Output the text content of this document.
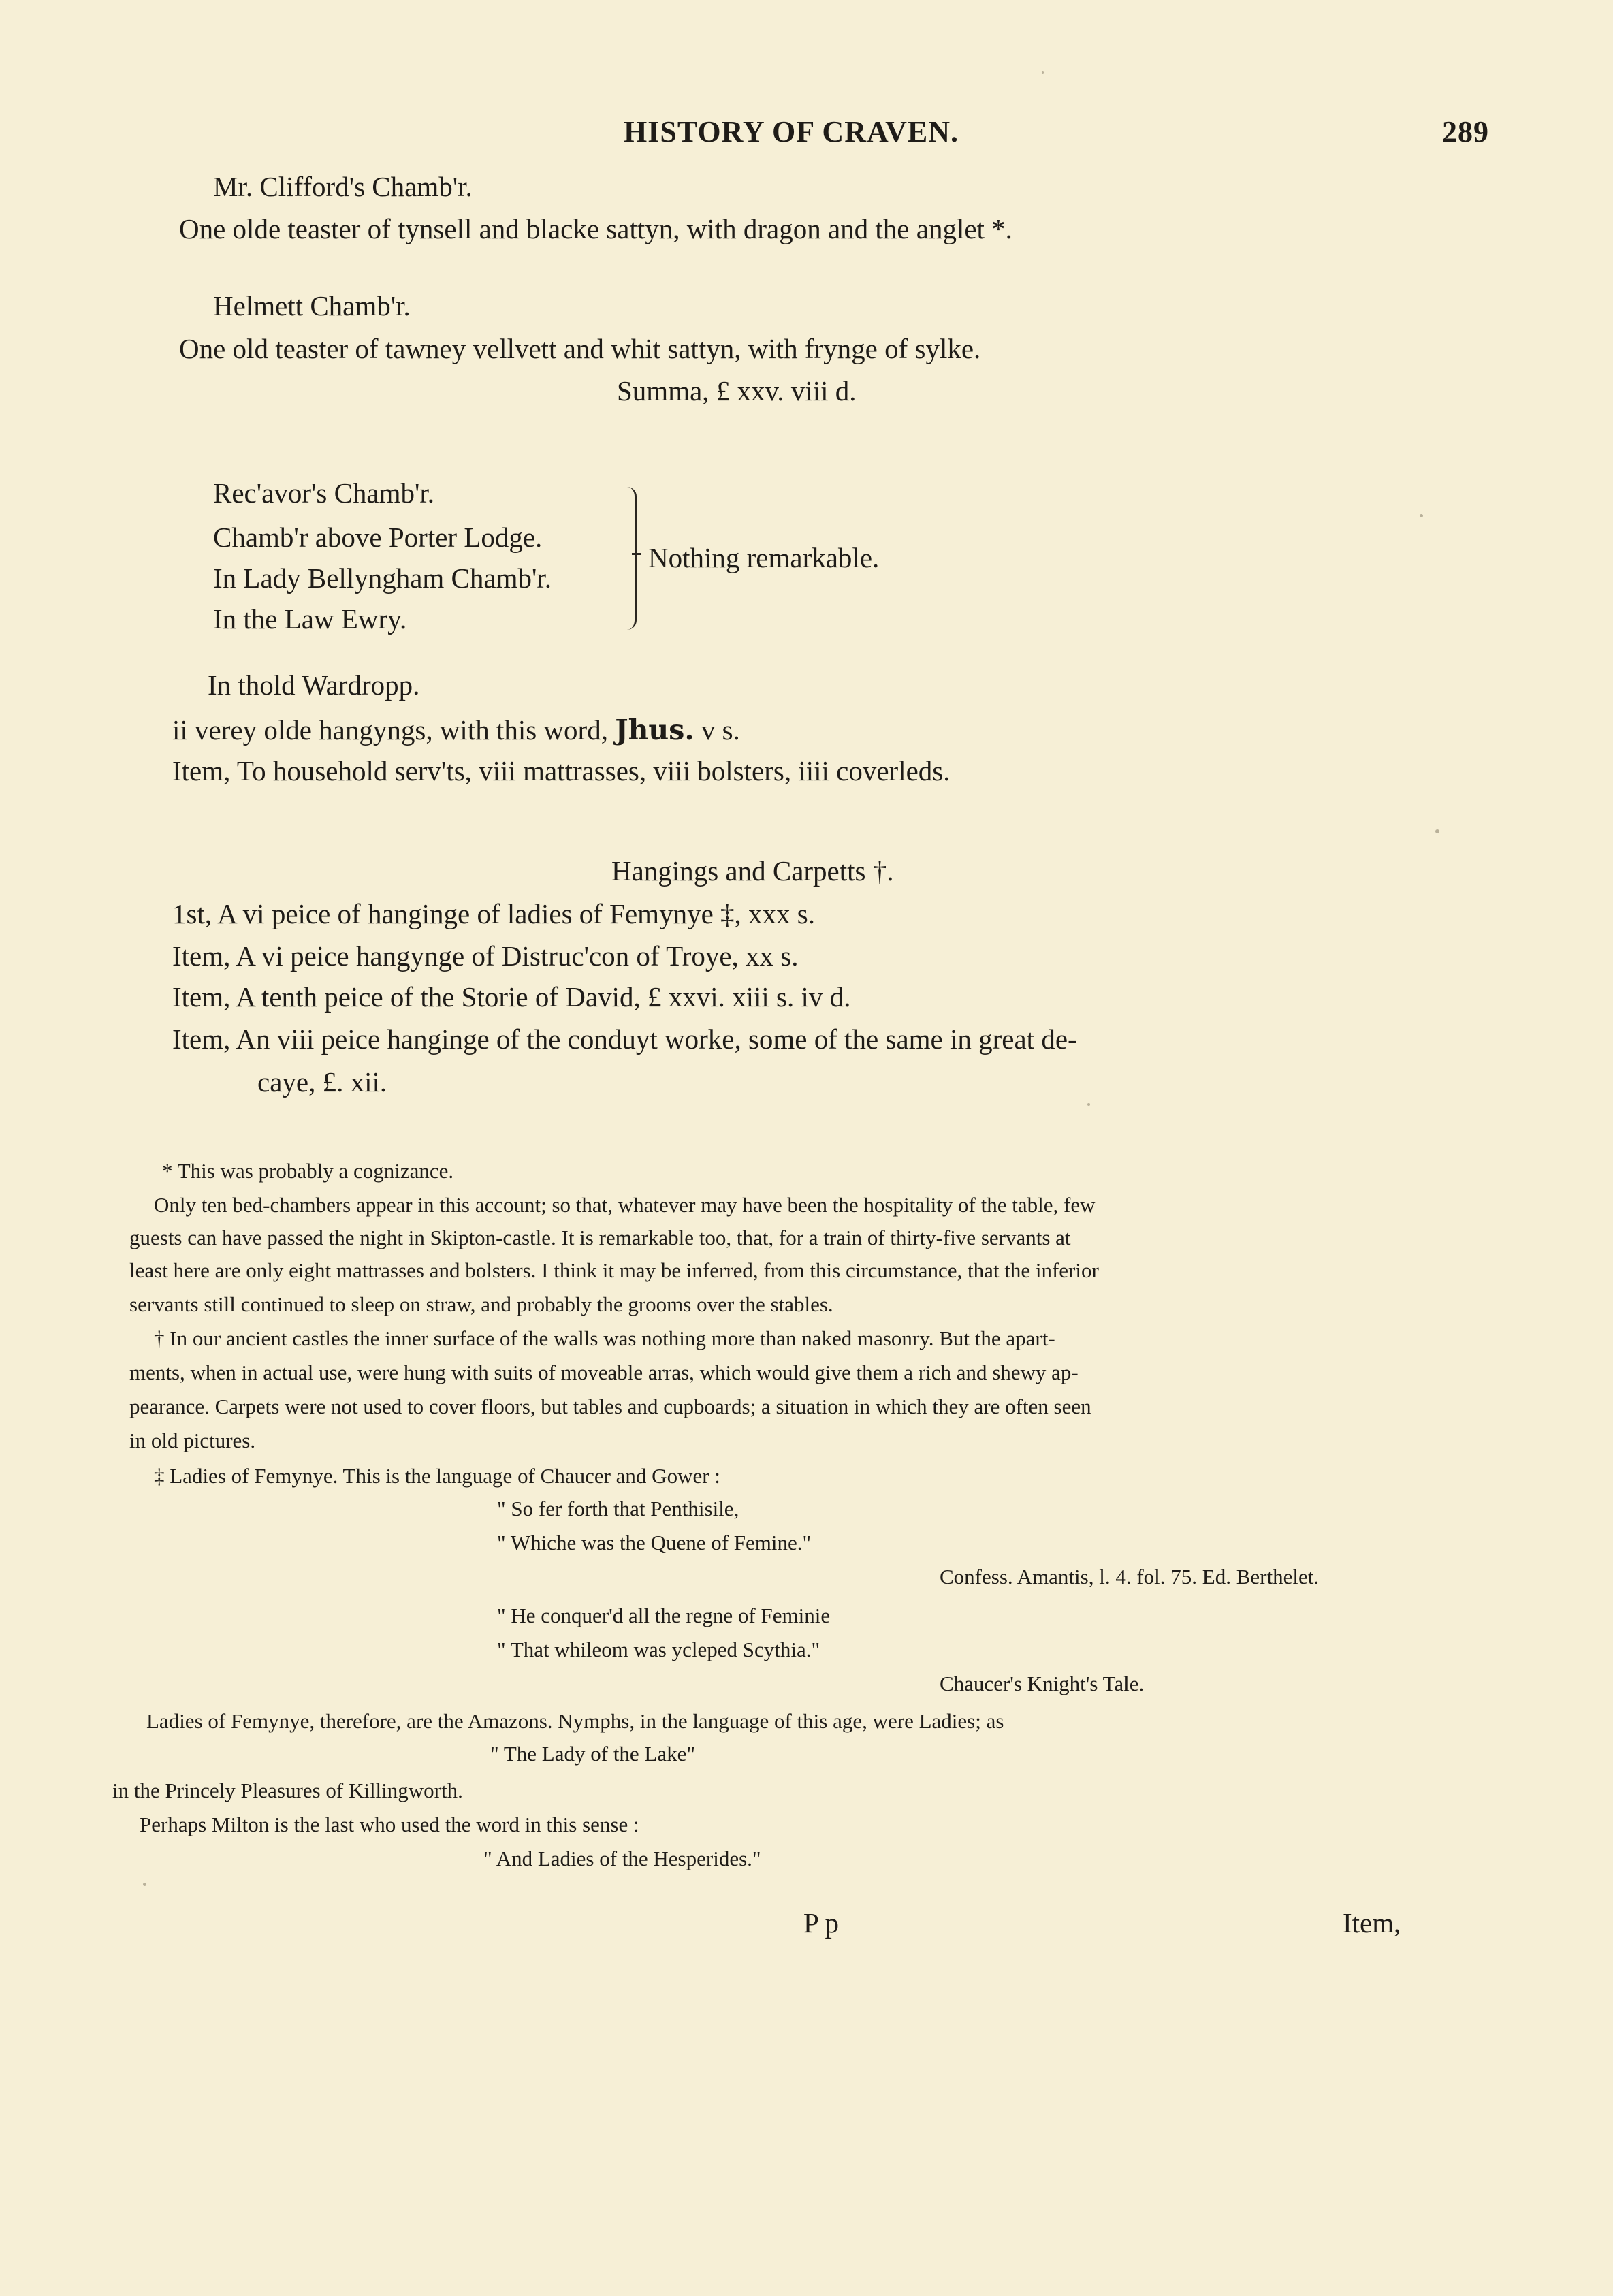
HISTORY OF CRAVEN.	289
Mr. Clifford's Chamb'r.
One olde teaster of tynsell and blacke sattyn, with dragon and the anglet *.
Helmett Chamb'r.
One old teaster of tawney vellvett and whit sattyn, with frynge of sylke.
Summa, £ xxv. viii d.
Rec'avor's Chamb'r.
Chamb'r above Porter Lodge.
In Lady Bellyngham Chamb'r.
In the Law Ewry.
Nothing remarkable.
In thold Wardropp.
ii verey olde hangyngs, with this word, Jhus. v s.
Item, To household serv'ts, viii mattrasses, viii bolsters, iiii coverleds.
Hangings and Carpetts †.
1st, A vi peice of hanginge of ladies of Femynye ‡, xxx s.
Item, A vi peice hangynge of Distruc'con of Troye, xx s.
Item, A tenth peice of the Storie of David, £ xxvi. xiii s. iv d.
Item, An viii peice hanginge of the conduyt worke, some of the same in great de-
caye, £. xii.
* This was probably a cognizance.
Only ten bed-chambers appear in this account; so that, whatever may have been the hospitality of the table, few
guests can have passed the night in Skipton-castle. It is remarkable too, that, for a train of thirty-five servants at
least here are only eight mattrasses and bolsters. I think it may be inferred, from this circumstance, that the inferior
servants still continued to sleep on straw, and probably the grooms over the stables.
† In our ancient castles the inner surface of the walls was nothing more than naked masonry. But the apart-
ments, when in actual use, were hung with suits of moveable arras, which would give them a rich and shewy ap-
pearance. Carpets were not used to cover floors, but tables and cupboards; a situation in which they are often seen
in old pictures.
‡ Ladies of Femynye. This is the language of Chaucer and Gower :
" So fer forth that Penthisile,
" Whiche was the Quene of Femine."
Confess. Amantis, l. 4. fol. 75. Ed. Berthelet.
" He conquer'd all the regne of Feminie
" That whileom was ycleped Scythia."
Chaucer's Knight's Tale.
Ladies of Femynye, therefore, are the Amazons. Nymphs, in the language of this age, were Ladies; as
" The Lady of the Lake"
in the Princely Pleasures of Killingworth.
Perhaps Milton is the last who used the word in this sense :
" And Ladies of the Hesperides."
P p	Item,
